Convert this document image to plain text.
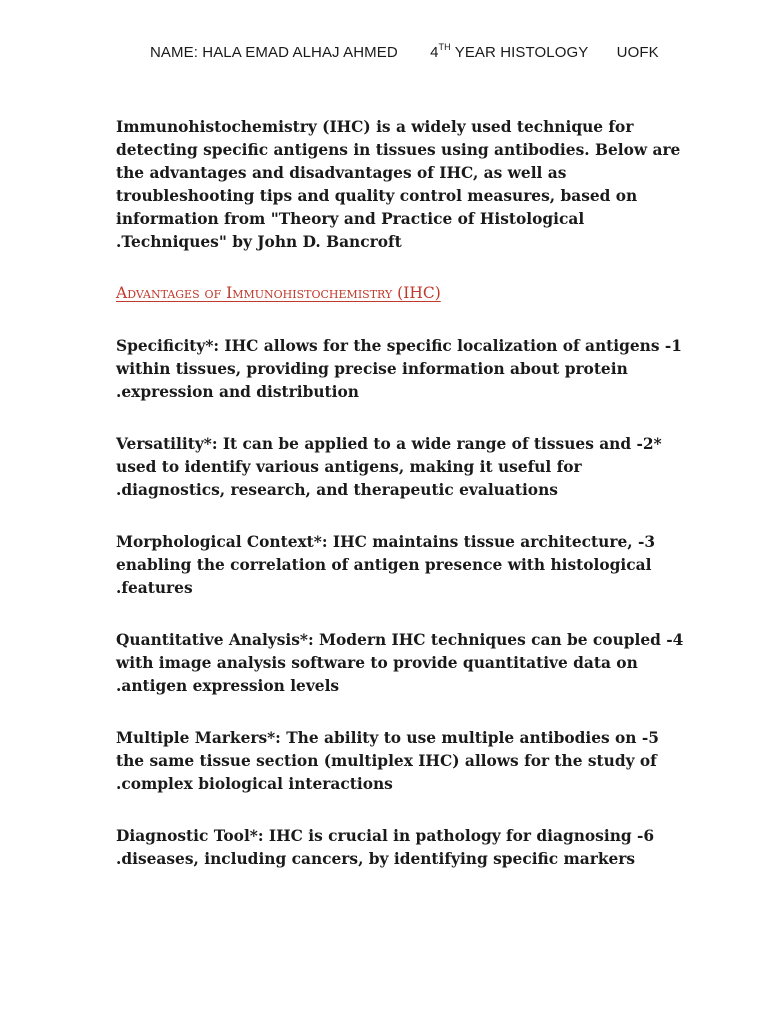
NAME: HALA EMAD ALHAJ AHMED 4TH YEAR HISTOLOGY UOFK

Immunohistochemistry (IHC) is a widely used technique for
detecting specific antigens in tissues using antibodies. Below are
the advantages and disadvantages of IHC, as well as
troubleshooting tips and quality control measures, based on
information from "Theory and Practice of Histological
.Techniques" by John D. Bancroft

Advantages of Immunohistochemistry (IHC)

Specificity*: IHC allows for the specific localization of antigens -1
within tissues, providing precise information about protein
.expression and distribution

Versatility*: It can be applied to a wide range of tissues and -2*
used to identify various antigens, making it useful for
.diagnostics, research, and therapeutic evaluations

Morphological Context*: IHC maintains tissue architecture, -3
enabling the correlation of antigen presence with histological
.features

Quantitative Analysis*: Modern IHC techniques can be coupled -4
with image analysis software to provide quantitative data on
.antigen expression levels

Multiple Markers*: The ability to use multiple antibodies on -5
the same tissue section (multiplex IHC) allows for the study of
.complex biological interactions

Diagnostic Tool*: IHC is crucial in pathology for diagnosing -6
.diseases, including cancers, by identifying specific markers
